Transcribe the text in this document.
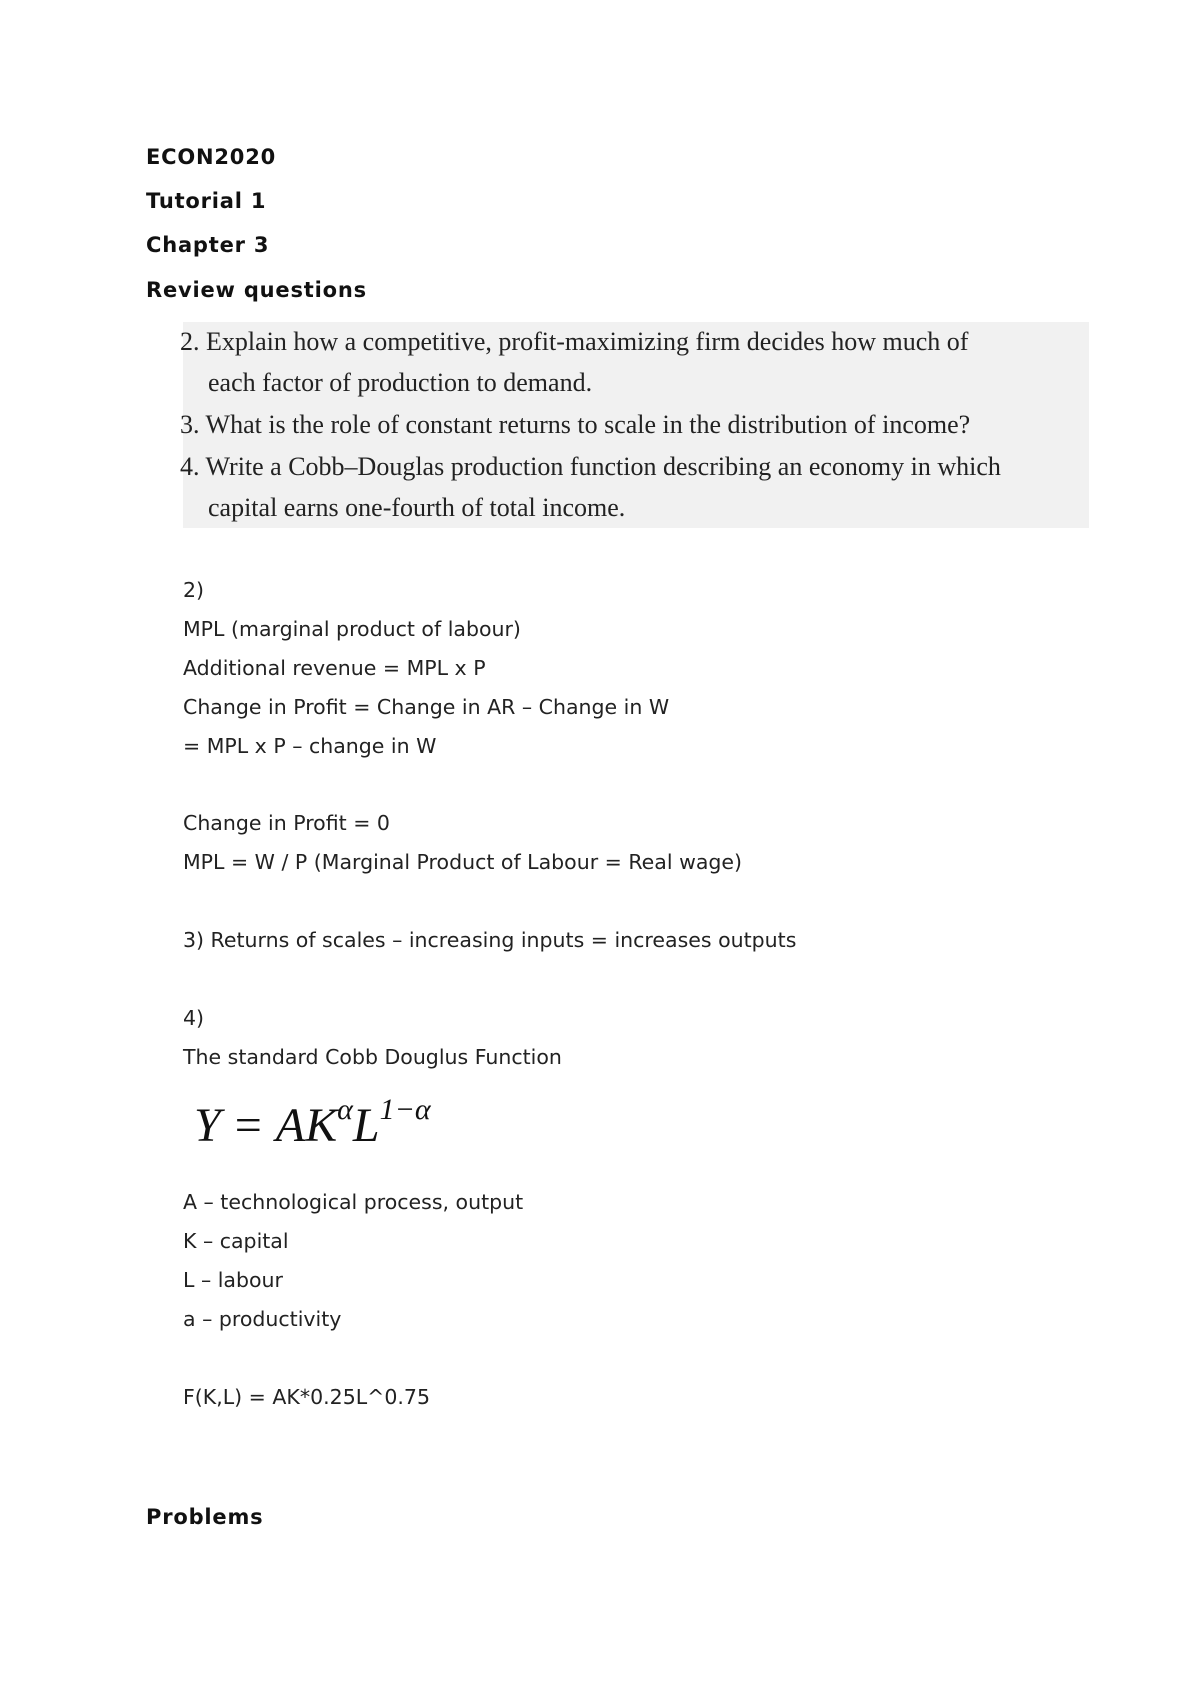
ECON2020
Tutorial 1
Chapter 3
Review questions
2. Explain how a competitive, profit-maximizing firm decides how much of
each factor of production to demand.
3. What is the role of constant returns to scale in the distribution of income?
4. Write a Cobb–Douglas production function describing an economy in which
capital earns one-fourth of total income.
2)
MPL (marginal product of labour)
Additional revenue = MPL x P
Change in Profit = Change in AR – Change in W
= MPL x P – change in W
Change in Profit = 0
MPL = W / P (Marginal Product of Labour = Real wage)
3) Returns of scales – increasing inputs = increases outputs
4)
The standard Cobb Douglus Function
$Y = AK^\alpha L^{1-\alpha}$
A – technological process, output
K – capital
L – labour
a – productivity
F(K,L) = AK*0.25L^0.75
Problems
